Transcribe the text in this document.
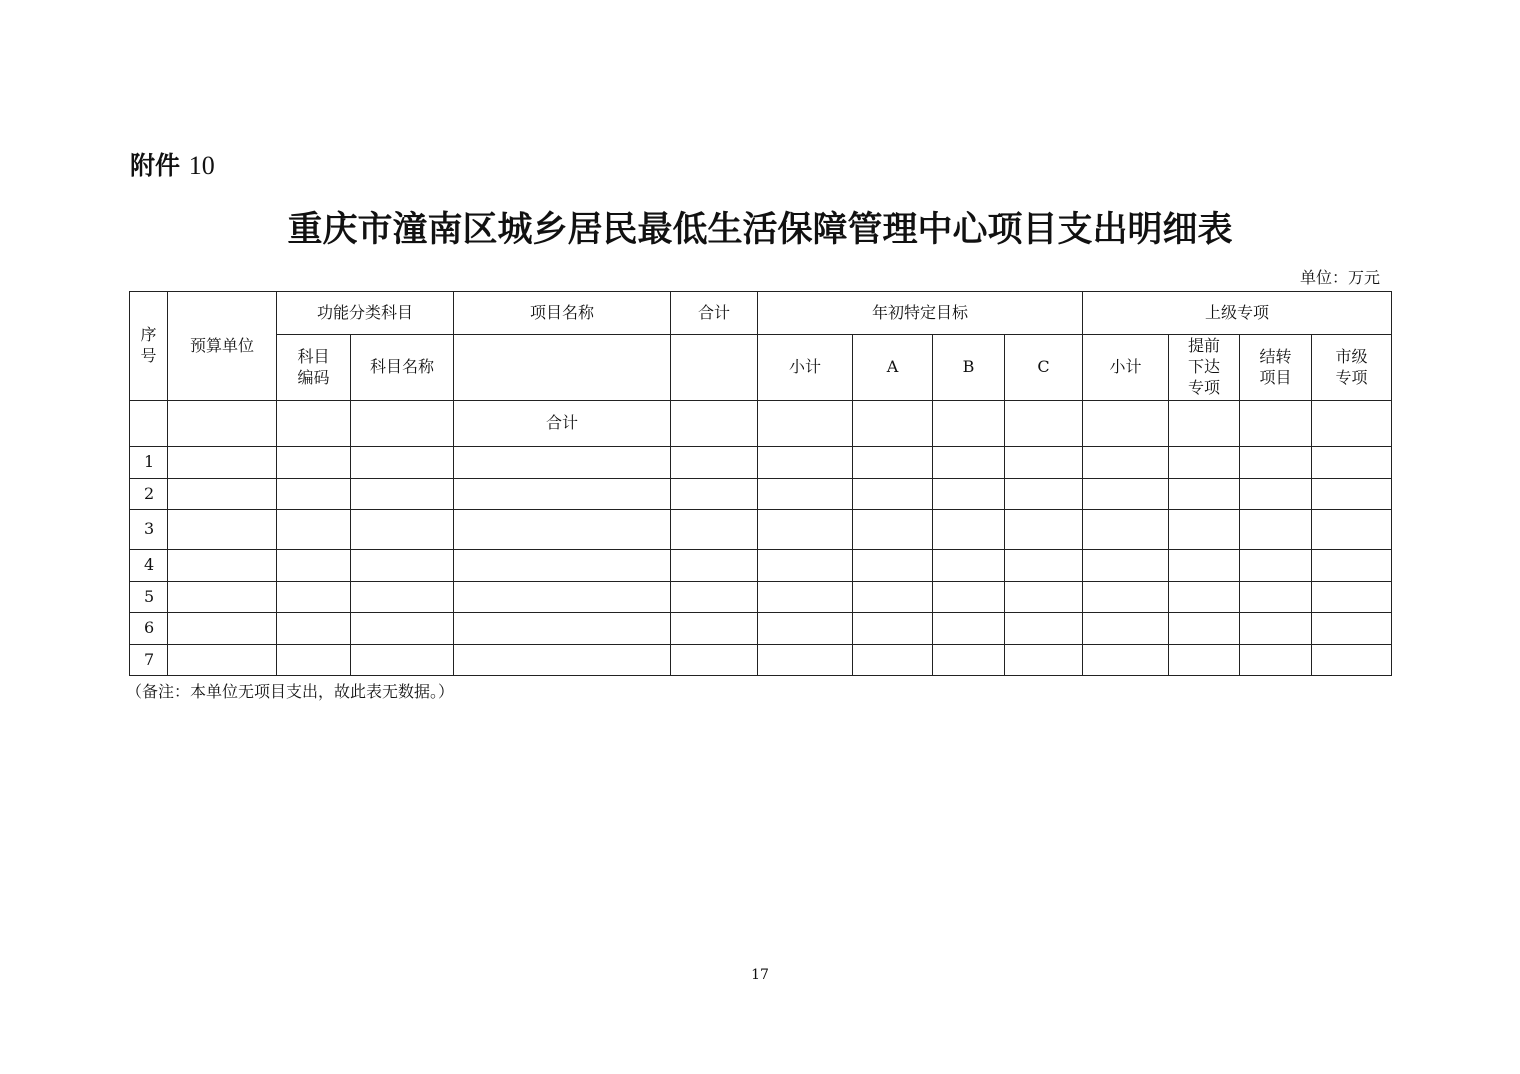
附件 10
重庆市潼南区城乡居民最低生活保障管理中心项目支出明细表
单位：万元
序号	预算单位	功能分类科目		项目名称	合计	年初特定目标				上级专项			
		科目编码	科目名称			小计	A	B	C	小计	提前下达专项	结转项目	市级专项
				合计									
1													
2													
3													
4													
5													
6													
7													
（备注：本单位无项目支出，故此表无数据。）
17
